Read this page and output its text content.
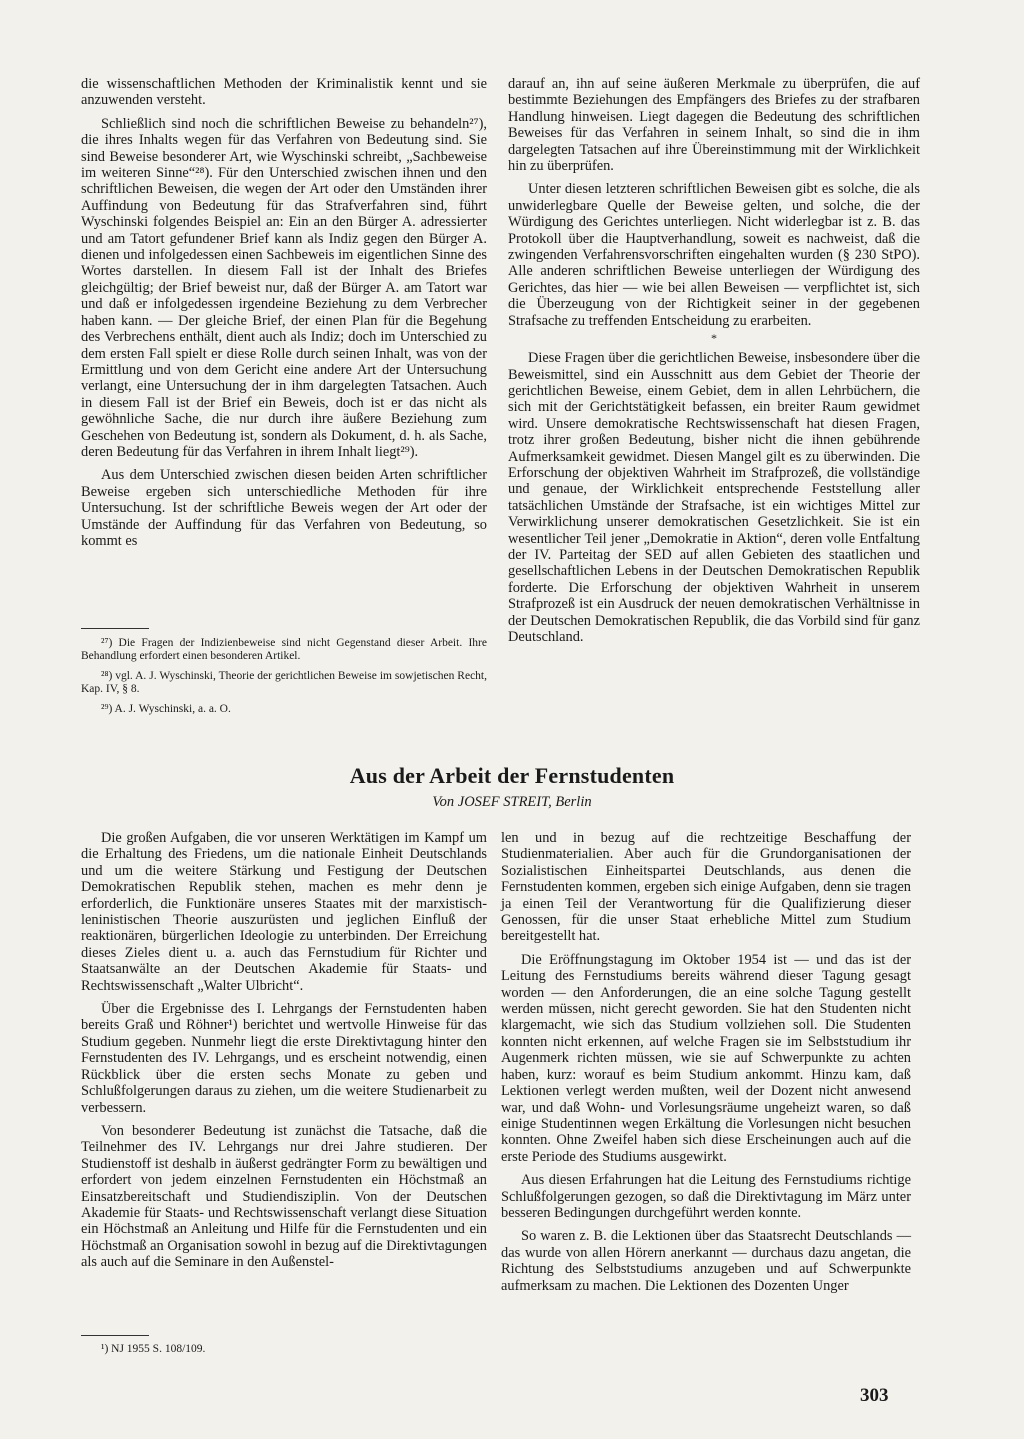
die wissenschaftlichen Methoden der Kriminalistik kennt und sie anzuwenden versteht.

Schließlich sind noch die schriftlichen Beweise zu behandeln²⁷), die ihres Inhalts wegen für das Verfahren von Bedeutung sind. Sie sind Beweise besonderer Art, wie Wyschinski schreibt, „Sachbeweise im weiteren Sinne“²⁸). Für den Unterschied zwischen ihnen und den schriftlichen Beweisen, die wegen der Art oder den Umständen ihrer Auffindung von Bedeutung für das Strafverfahren sind, führt Wyschinski folgendes Beispiel an: Ein an den Bürger A. adressierter und am Tatort gefundener Brief kann als Indiz gegen den Bürger A. dienen und infolgedessen einen Sachbeweis im eigentlichen Sinne des Wortes darstellen. In diesem Fall ist der Inhalt des Briefes gleichgültig; der Brief beweist nur, daß der Bürger A. am Tatort war und daß er infolgedessen irgendeine Beziehung zu dem Verbrecher haben kann. — Der gleiche Brief, der einen Plan für die Begehung des Verbrechens enthält, dient auch als Indiz; doch im Unterschied zu dem ersten Fall spielt er diese Rolle durch seinen Inhalt, was von der Ermittlung und von dem Gericht eine andere Art der Untersuchung verlangt, eine Untersuchung der in ihm dargelegten Tatsachen. Auch in diesem Fall ist der Brief ein Beweis, doch ist er das nicht als gewöhnliche Sache, die nur durch ihre äußere Beziehung zum Geschehen von Bedeutung ist, sondern als Dokument, d. h. als Sache, deren Bedeutung für das Verfahren in ihrem Inhalt liegt²⁹).

Aus dem Unterschied zwischen diesen beiden Arten schriftlicher Beweise ergeben sich unterschiedliche Methoden für ihre Untersuchung. Ist der schriftliche Beweis wegen der Art oder der Umstände der Auffindung für das Verfahren von Bedeutung, so kommt es

²⁷) Die Fragen der Indizienbeweise sind nicht Gegenstand dieser Arbeit. Ihre Behandlung erfordert einen besonderen Artikel.

²⁸) vgl. A. J. Wyschinski, Theorie der gerichtlichen Beweise im sowjetischen Recht, Kap. IV, § 8.

²⁹) A. J. Wyschinski, a. a. O.

darauf an, ihn auf seine äußeren Merkmale zu überprüfen, die auf bestimmte Beziehungen des Empfängers des Briefes zu der strafbaren Handlung hinweisen. Liegt dagegen die Bedeutung des schriftlichen Beweises für das Verfahren in seinem Inhalt, so sind die in ihm dargelegten Tatsachen auf ihre Übereinstimmung mit der Wirklichkeit hin zu überprüfen.

Unter diesen letzteren schriftlichen Beweisen gibt es solche, die als unwiderlegbare Quelle der Beweise gelten, und solche, die der Würdigung des Gerichtes unterliegen. Nicht widerlegbar ist z. B. das Protokoll über die Hauptverhandlung, soweit es nachweist, daß die zwingenden Verfahrensvorschriften eingehalten wurden (§ 230 StPO). Alle anderen schriftlichen Beweise unterliegen der Würdigung des Gerichtes, das hier — wie bei allen Beweisen — verpflichtet ist, sich die Überzeugung von der Richtigkeit seiner in der gegebenen Strafsache zu treffenden Entscheidung zu erarbeiten.

*

Diese Fragen über die gerichtlichen Beweise, insbesondere über die Beweismittel, sind ein Ausschnitt aus dem Gebiet der Theorie der gerichtlichen Beweise, einem Gebiet, dem in allen Lehrbüchern, die sich mit der Gerichtstätigkeit befassen, ein breiter Raum gewidmet wird. Unsere demokratische Rechtswissenschaft hat diesen Fragen, trotz ihrer großen Bedeutung, bisher nicht die ihnen gebührende Aufmerksamkeit gewidmet. Diesen Mangel gilt es zu überwinden. Die Erforschung der objektiven Wahrheit im Strafprozeß, die vollständige und genaue, der Wirklichkeit entsprechende Feststellung aller tatsächlichen Umstände der Strafsache, ist ein wichtiges Mittel zur Verwirklichung unserer demokratischen Gesetzlichkeit. Sie ist ein wesentlicher Teil jener „Demokratie in Aktion“, deren volle Entfaltung der IV. Parteitag der SED auf allen Gebieten des staatlichen und gesellschaftlichen Lebens in der Deutschen Demokratischen Republik forderte. Die Erforschung der objektiven Wahrheit in unserem Strafprozeß ist ein Ausdruck der neuen demokratischen Verhältnisse in der Deutschen Demokratischen Republik, die das Vorbild sind für ganz Deutschland.

Aus der Arbeit der Fernstudenten
Von JOSEF STREIT, Berlin

Die großen Aufgaben, die vor unseren Werktätigen im Kampf um die Erhaltung des Friedens, um die nationale Einheit Deutschlands und um die weitere Stärkung und Festigung der Deutschen Demokratischen Republik stehen, machen es mehr denn je erforderlich, die Funktionäre unseres Staates mit der marxistisch-leninistischen Theorie auszurüsten und jeglichen Einfluß der reaktionären, bürgerlichen Ideologie zu unterbinden. Der Erreichung dieses Zieles dient u. a. auch das Fernstudium für Richter und Staatsanwälte an der Deutschen Akademie für Staats- und Rechtswissenschaft „Walter Ulbricht“.

Über die Ergebnisse des I. Lehrgangs der Fernstudenten haben bereits Graß und Röhner¹) berichtet und wertvolle Hinweise für das Studium gegeben. Nunmehr liegt die erste Direktivtagung hinter den Fernstudenten des IV. Lehrgangs, und es erscheint notwendig, einen Rückblick über die ersten sechs Monate zu geben und Schlußfolgerungen daraus zu ziehen, um die weitere Studienarbeit zu verbessern.

Von besonderer Bedeutung ist zunächst die Tatsache, daß die Teilnehmer des IV. Lehrgangs nur drei Jahre studieren. Der Studienstoff ist deshalb in äußerst gedrängter Form zu bewältigen und erfordert von jedem einzelnen Fernstudenten ein Höchstmaß an Einsatzbereitschaft und Studiendisziplin. Von der Deutschen Akademie für Staats- und Rechtswissenschaft verlangt diese Situation ein Höchstmaß an Anleitung und Hilfe für die Fernstudenten und ein Höchstmaß an Organisation sowohl in bezug auf die Direktivtagungen als auch auf die Seminare in den Außenstel-

¹) NJ 1955 S. 108/109.

len und in bezug auf die rechtzeitige Beschaffung der Studienmaterialien. Aber auch für die Grundorganisationen der Sozialistischen Einheitspartei Deutschlands, aus denen die Fernstudenten kommen, ergeben sich einige Aufgaben, denn sie tragen ja einen Teil der Verantwortung für die Qualifizierung dieser Genossen, für die unser Staat erhebliche Mittel zum Studium bereitgestellt hat.

Die Eröffnungstagung im Oktober 1954 ist — und das ist der Leitung des Fernstudiums bereits während dieser Tagung gesagt worden — den Anforderungen, die an eine solche Tagung gestellt werden müssen, nicht gerecht geworden. Sie hat den Studenten nicht klargemacht, wie sich das Studium vollziehen soll. Die Studenten konnten nicht erkennen, auf welche Fragen sie im Selbststudium ihr Augenmerk richten müssen, wie sie auf Schwerpunkte zu achten haben, kurz: worauf es beim Studium ankommt. Hinzu kam, daß Lektionen verlegt werden mußten, weil der Dozent nicht anwesend war, und daß Wohn- und Vorlesungsräume ungeheizt waren, so daß einige Studentinnen wegen Erkältung die Vorlesungen nicht besuchen konnten. Ohne Zweifel haben sich diese Erscheinungen auch auf die erste Periode des Studiums ausgewirkt.

Aus diesen Erfahrungen hat die Leitung des Fernstudiums richtige Schlußfolgerungen gezogen, so daß die Direktivtagung im März unter besseren Bedingungen durchgeführt werden konnte.

So waren z. B. die Lektionen über das Staatsrecht Deutschlands — das wurde von allen Hörern anerkannt — durchaus dazu angetan, die Richtung des Selbststudiums anzugeben und auf Schwerpunkte aufmerksam zu machen. Die Lektionen des Dozenten Unger

303
